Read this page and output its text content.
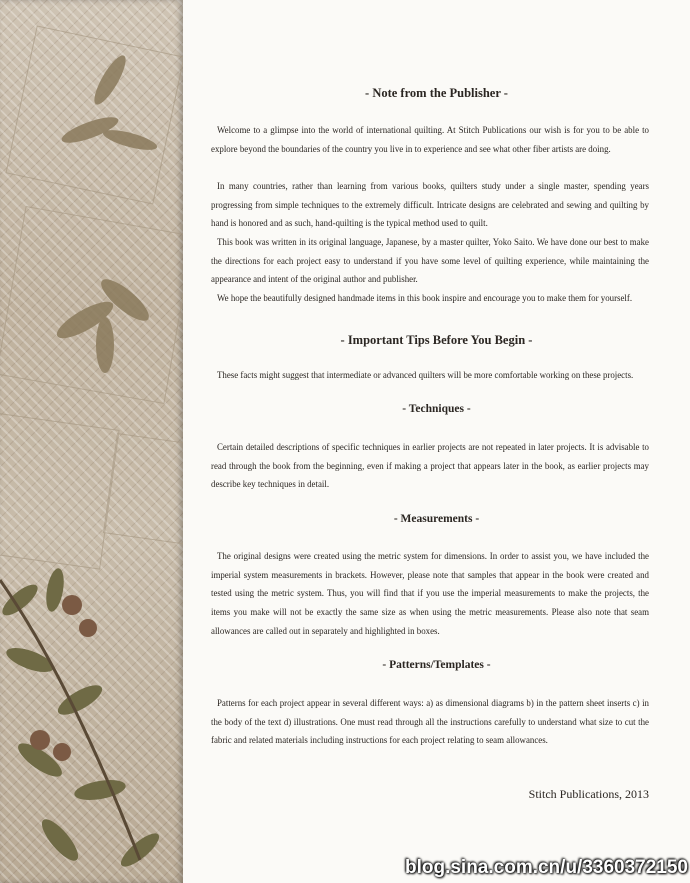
- Note from the Publisher -

Welcome to a glimpse into the world of international quilting. At Stitch Publications our wish is for you to be able to explore beyond the boundaries of the country you live in to experience and see what other fiber artists are doing.

In many countries, rather than learning from various books, quilters study under a single master, spending years progressing from simple techniques to the extremely difficult. Intricate designs are celebrated and sewing and quilting by hand is honored and as such, hand-quilting is the typical method used to quilt.

This book was written in its original language, Japanese, by a master quilter, Yoko Saito. We have done our best to make the directions for each project easy to understand if you have some level of quilting experience, while maintaining the appearance and intent of the original author and publisher.

We hope the beautifully designed handmade items in this book inspire and encourage you to make them for yourself.

- Important Tips Before You Begin -

These facts might suggest that intermediate or advanced quilters will be more comfortable working on these projects.

- Techniques -

Certain detailed descriptions of specific techniques in earlier projects are not repeated in later projects. It is advisable to read through the book from the beginning, even if making a project that appears later in the book, as earlier projects may describe key techniques in detail.

- Measurements -

The original designs were created using the metric system for dimensions. In order to assist you, we have included the imperial system measurements in brackets. However, please note that samples that appear in the book were created and tested using the metric system. Thus, you will find that if you use the imperial measurements to make the projects, the items you make will not be exactly the same size as when using the metric measurements. Please also note that seam allowances are called out in separately and highlighted in boxes.

- Patterns/Templates -

Patterns for each project appear in several different ways: a) as dimensional diagrams b) in the pattern sheet inserts c) in the body of the text d) illustrations. One must read through all the instructions carefully to understand what size to cut the fabric and related materials including instructions for each project relating to seam allowances.

Stitch Publications, 2013

blog.sina.com.cn/u/3360372150
